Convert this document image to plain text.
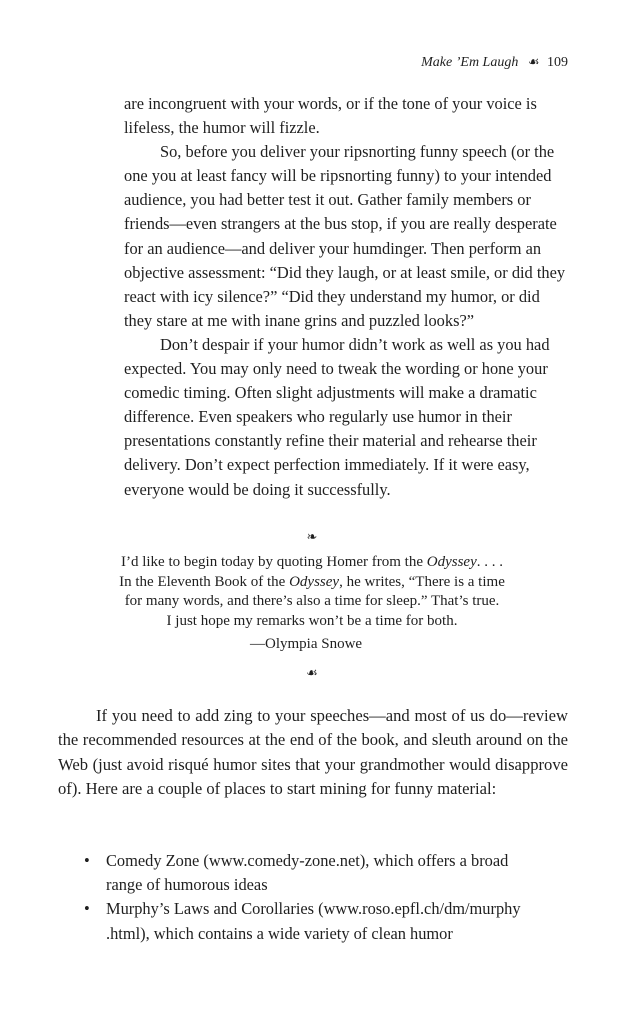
Make ’Em Laugh ☙ 109

are incongruent with your words, or if the tone of your voice is lifeless, the humor will fizzle.

So, before you deliver your ripsnorting funny speech (or the one you at least fancy will be ripsnorting funny) to your intended audience, you had better test it out. Gather family members or friends—even strangers at the bus stop, if you are really desperate for an audience—and deliver your humdinger. Then perform an objective assessment: “Did they laugh, or at least smile, or did they react with icy silence?” “Did they understand my humor, or did they stare at me with inane grins and puzzled looks?”

Don’t despair if your humor didn’t work as well as you had expected. You may only need to tweak the wording or hone your comedic timing. Often slight adjustments will make a dramatic difference. Even speakers who regularly use humor in their presentations constantly refine their material and rehearse their delivery. Don’t expect perfection immediately. If it were easy, everyone would be doing it successfully.

❧
I’d like to begin today by quoting Homer from the Odyssey. . . .
In the Eleventh Book of the Odyssey, he writes, “There is a time
for many words, and there’s also a time for sleep.” That’s true.
I just hope my remarks won’t be a time for both.
—Olympia Snowe
☙

If you need to add zing to your speeches—and most of us do—review the recommended resources at the end of the book, and sleuth around on the Web (just avoid risqué humor sites that your grandmother would disapprove of). Here are a couple of places to start mining for funny material:

• Comedy Zone (www.comedy-zone.net), which offers a broad
range of humorous ideas
• Murphy’s Laws and Corollaries (www.roso.epfl.ch/dm/murphy
.html), which contains a wide variety of clean humor
